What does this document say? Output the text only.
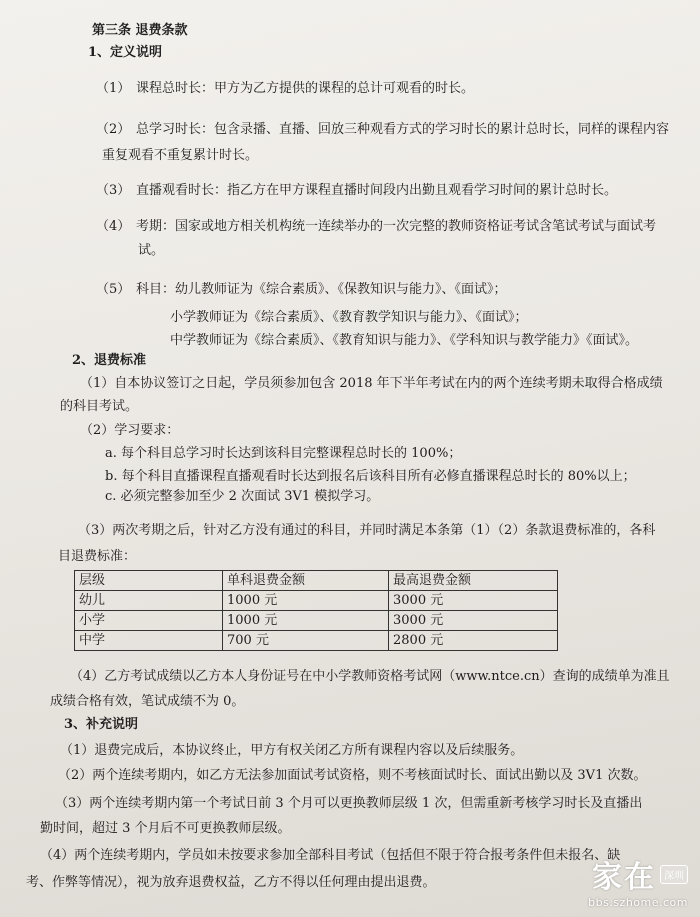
第三条 退费条款
1、定义说明
（1） 课程总时长：甲方为乙方提供的课程的总计可观看的时长。
（2） 总学习时长：包含录播、直播、回放三种观看方式的学习时长的累计总时长，同样的课程内容
重复观看不重复累计时长。
（3） 直播观看时长：指乙方在甲方课程直播时间段内出勤且观看学习时间的累计总时长。
（4） 考期：国家或地方相关机构统一连续举办的一次完整的教师资格证考试含笔试考试与面试考
试。
（5） 科目：幼儿教师证为《综合素质》、《保教知识与能力》、《面试》；
小学教师证为《综合素质》、《教育教学知识与能力》、《面试》；
中学教师证为《综合素质》、《教育知识与能力》、《学科知识与教学能力》《面试》。
2、退费标准
（1）自本协议签订之日起，学员须参加包含 2018 年下半年考试在内的两个连续考期未取得合格成绩
的科目考试。
（2）学习要求：
a. 每个科目总学习时长达到该科目完整课程总时长的 100%；
b. 每个科目直播课程直播观看时长达到报名后该科目所有必修直播课程总时长的 80%以上；
c. 必须完整参加至少 2 次面试 3V1 模拟学习。
（3）两次考期之后，针对乙方没有通过的科目，并同时满足本条第（1）（2）条款退费标准的，各科
目退费标准：
层级	单科退费金额	最高退费金额
幼儿	1000 元	3000 元
小学	1000 元	3000 元
中学	700 元	2800 元
（4）乙方考试成绩以乙方本人身份证号在中小学教师资格考试网（www.ntce.cn）查询的成绩单为准且
成绩合格有效，笔试成绩不为 0。
3、补充说明
（1）退费完成后，本协议终止，甲方有权关闭乙方所有课程内容以及后续服务。
（2）两个连续考期内，如乙方无法参加面试考试资格，则不考核面试时长、面试出勤以及 3V1 次数。
（3）两个连续考期内第一个考试日前 3 个月可以更换教师层级 1 次，但需重新考核学习时长及直播出
勤时间，超过 3 个月后不可更换教师层级。
（4）两个连续考期内，学员如未按要求参加全部科目考试（包括但不限于符合报考条件但未报名、缺
考、作弊等情况），视为放弃退费权益，乙方不得以任何理由提出退费。	家在 深圳
bbs.szhome.com
